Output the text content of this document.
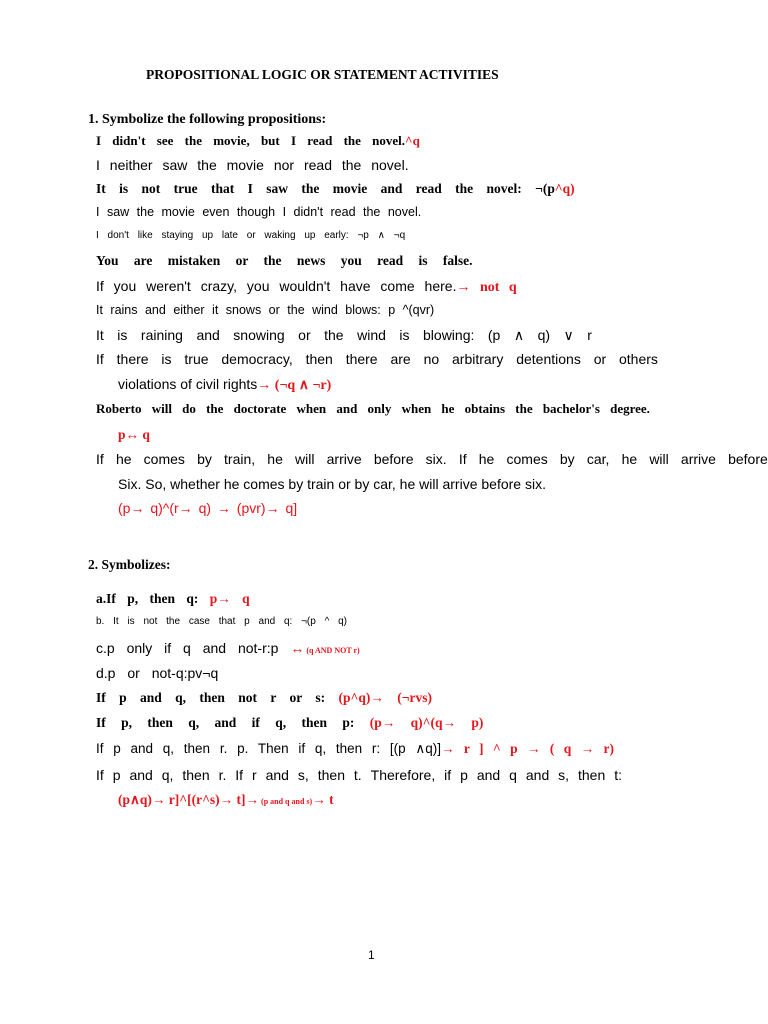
PROPOSITIONAL LOGIC OR STATEMENT ACTIVITIES
1. Symbolize the following propositions:
I didn't see the movie, but I read the novel.^q
I neither saw the movie nor read the novel.
It is not true that I saw the movie and read the novel: ¬(p^q)
I saw the movie even though I didn't read the novel.
I don't like staying up late or waking up early: ¬p ∧ ¬q
You are mistaken or the news you read is false.
If you weren't crazy, you wouldn't have come here.→ not q
It rains and either it snows or the wind blows: p ^(qvr)
It is raining and snowing or the wind is blowing: (p ∧ q) ∨ r
If there is true democracy, then there are no arbitrary detentions or others
violations of civil rights→ (¬q ∧ ¬r)
Roberto will do the doctorate when and only when he obtains the bachelor's degree.
p↔ q
If he comes by train, he will arrive before six. If he comes by car, he will arrive before
Six. So, whether he comes by train or by car, he will arrive before six.
(p→ q)^(r→ q) → (pvr)→ q]
2. Symbolizes:
a.If p, then q: p→ q
b. It is not the case that p and q: ¬(p ^ q)
c.p only if q and not-r:p ↔ (q AND NOT r)
d.p or not-q:pv¬q
If p and q, then not r or s: (p^q)→ (¬rvs)
If p, then q, and if q, then p: (p→ q)^(q→ p)
If p and q, then r. p. Then if q, then r: [(p ∧q)]→ r ] ^ p → ( q → r)
If p and q, then r. If r and s, then t. Therefore, if p and q and s, then t:
(p∧q)→ r]^[(r^s)→ t]→ (p and q and s)→ t
1
